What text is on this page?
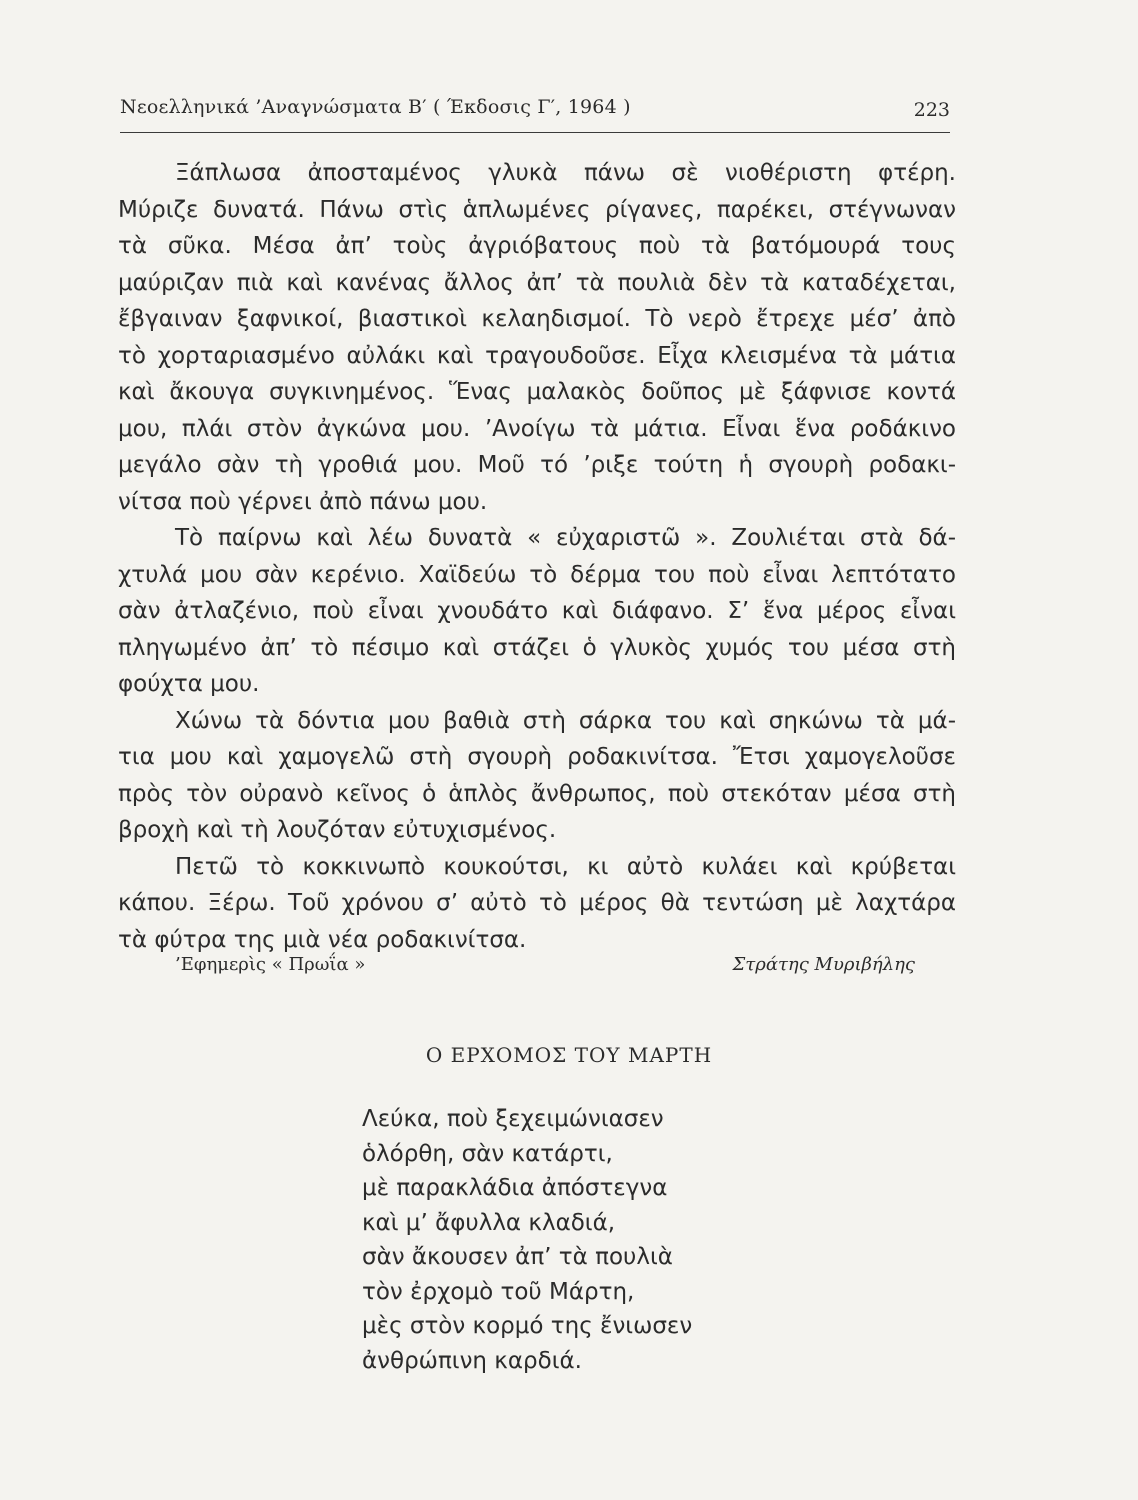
Νεοελληνικά ’Αναγνώσματα Β′ ( Έκδοσις Γ′, 1964 )	223
Ξάπλωσα ἀποσταμένος γλυκὰ πάνω σὲ νιοθέριστη φτέρη.
Μύριζε δυνατά. Πάνω στὶς ἁπλωμένες ρίγανες, παρέκει, στέγνωναν
τὰ σῦκα. Μέσα ἀπ’ τοὺς ἀγριόβατους ποὺ τὰ βατόμουρά τους
μαύριζαν πιὰ καὶ κανένας ἄλλος ἀπ’ τὰ πουλιὰ δὲν τὰ καταδέχεται,
ἔβγαιναν ξαφνικοί, βιαστικοὶ κελαηδισμοί. Τὸ νερὸ ἔτρεχε μέσ’ ἀπὸ
τὸ χορταριασμένο αὐλάκι καὶ τραγουδοῦσε. Εἶχα κλεισμένα τὰ μάτια
καὶ ἄκουγα συγκινημένος. Ἕνας μαλακὸς δοῦπος μὲ ξάφνισε κοντά
μου, πλάι στὸν ἀγκώνα μου. ’Ανοίγω τὰ μάτια. Εἶναι ἕνα ροδάκινο
μεγάλο σὰν τὴ γροθιά μου. Μοῦ τό ’ριξε τούτη ἡ σγουρὴ ροδακι-
νίτσα ποὺ γέρνει ἀπὸ πάνω μου.
Τὸ παίρνω καὶ λέω δυνατὰ « εὐχαριστῶ ». Ζουλιέται στὰ δά-
χτυλά μου σὰν κερένιο. Χαϊδεύω τὸ δέρμα του ποὺ εἶναι λεπτότατο
σὰν ἀτλαζένιο, ποὺ εἶναι χνουδάτο καὶ διάφανο. Σ’ ἕνα μέρος εἶναι
πληγωμένο ἀπ’ τὸ πέσιμο καὶ στάζει ὁ γλυκὸς χυμός του μέσα στὴ
φούχτα μου.
Χώνω τὰ δόντια μου βαθιὰ στὴ σάρκα του καὶ σηκώνω τὰ μά-
τια μου καὶ χαμογελῶ στὴ σγουρὴ ροδακινίτσα. Ἔτσι χαμογελοῦσε
πρὸς τὸν οὐρανὸ κεῖνος ὁ ἁπλὸς ἄνθρωπος, ποὺ στεκόταν μέσα στὴ
βροχὴ καὶ τὴ λουζόταν εὐτυχισμένος.
Πετῶ τὸ κοκκινωπὸ κουκούτσι, κι αὐτὸ κυλάει καὶ κρύβεται
κάπου. Ξέρω. Τοῦ χρόνου σ’ αὐτὸ τὸ μέρος θὰ τεντώση μὲ λαχτάρα
τὰ φύτρα της μιὰ νέα ροδακινίτσα.
’Εφημερὶς « Πρωΐα »	Στράτης Μυριβήλης
Ο ΕΡΧΟΜΟΣ ΤΟΥ ΜΑΡΤΗ
Λεύκα, ποὺ ξεχειμώνιασεν
ὁλόρθη, σὰν κατάρτι,
μὲ παρακλάδια ἀπόστεγνα
καὶ μ’ ἄφυλλα κλαδιά,
σὰν ἄκουσεν ἀπ’ τὰ πουλιὰ
τὸν ἐρχομὸ τοῦ Μάρτη,
μὲς στὸν κορμό της ἔνιωσεν
ἀνθρώπινη καρδιά.
